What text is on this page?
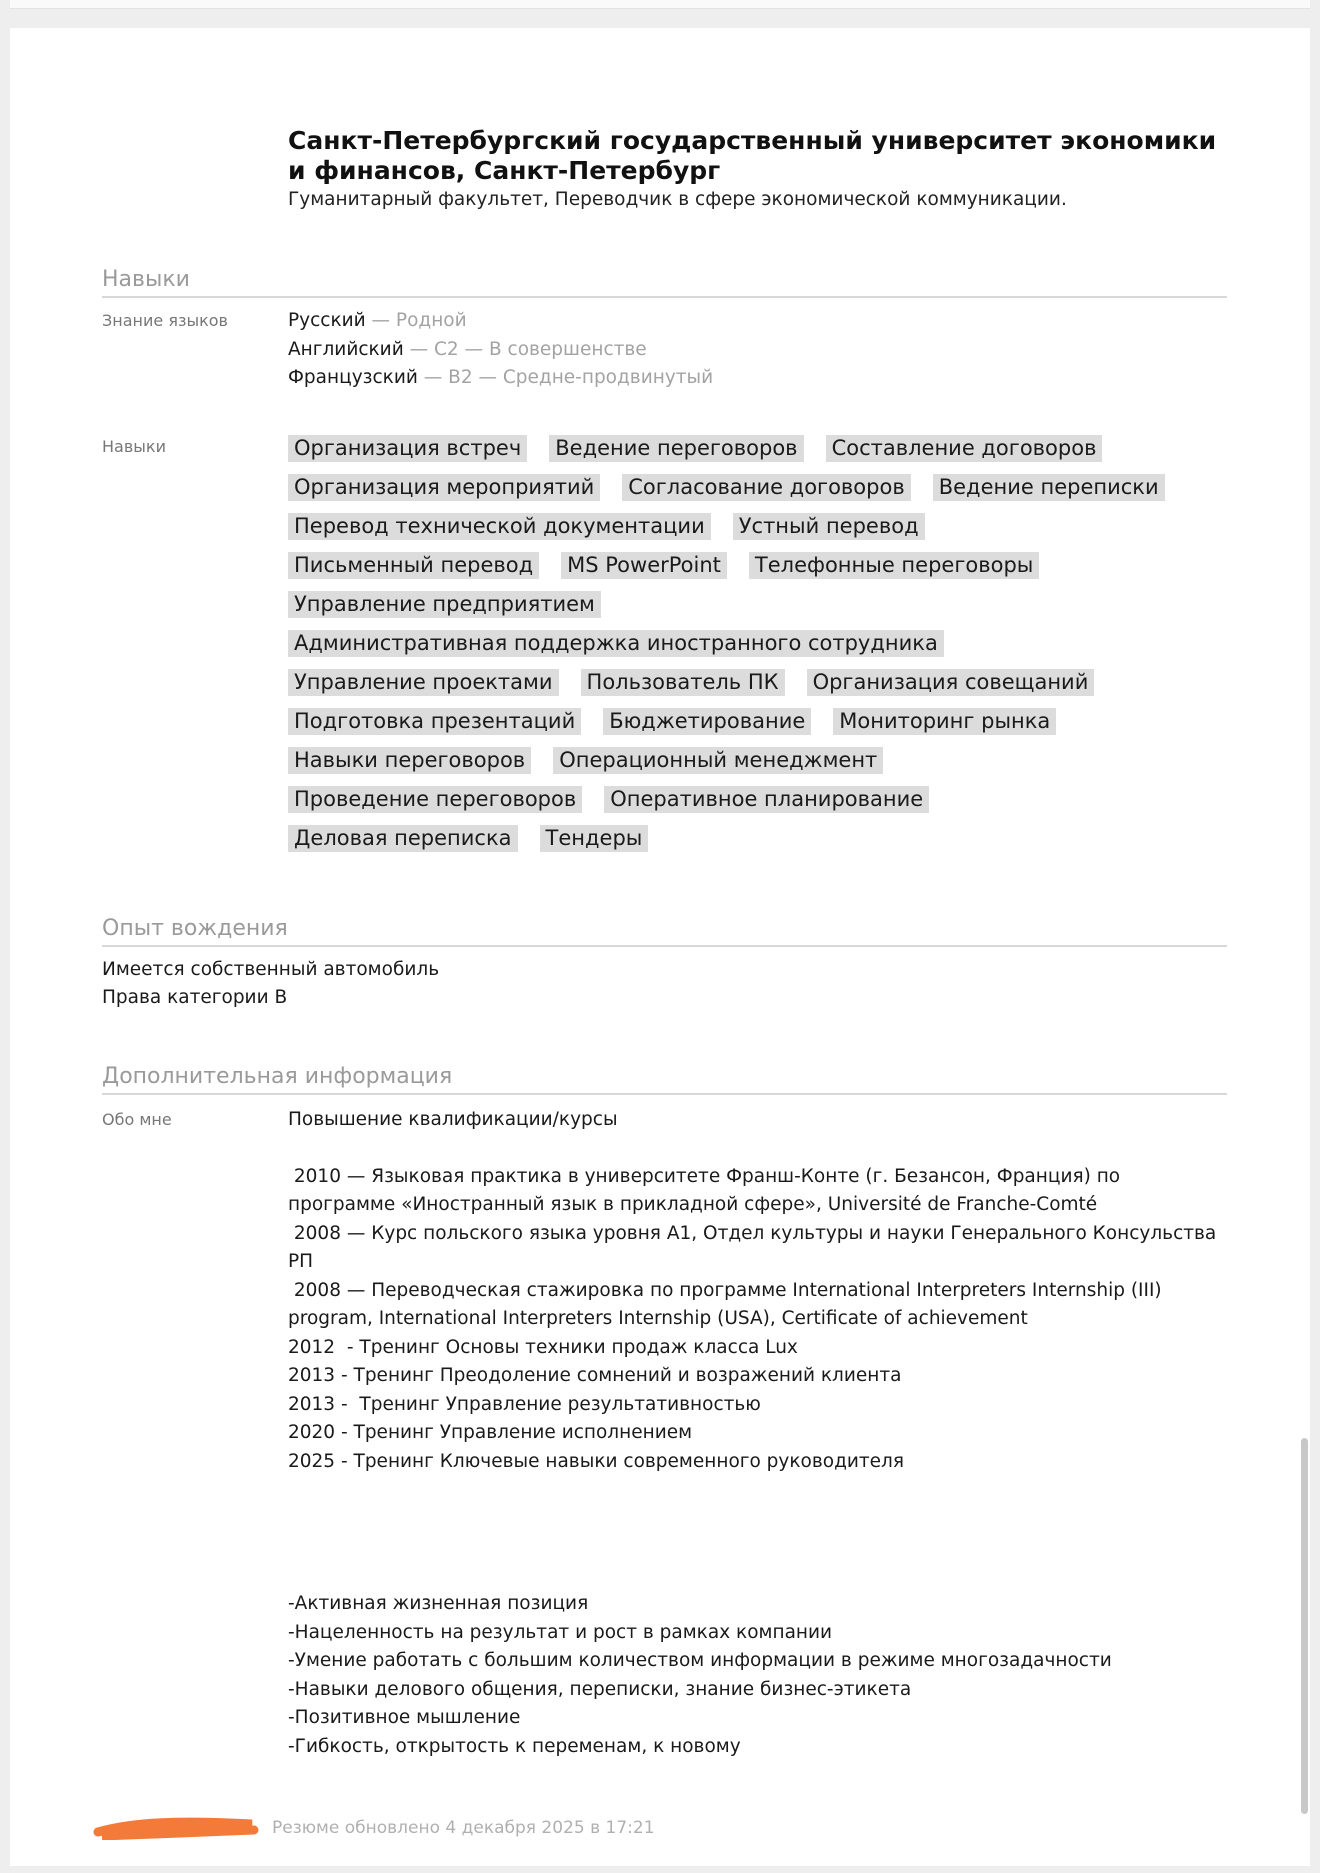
Санкт-Петербургский государственный университет экономики и финансов, Санкт-Петербург
Гуманитарный факультет, Переводчик в сфере экономической коммуникации.
Навыки
Знание языков	Русский — Родной
Английский — C2 — В совершенстве
Французский — B2 — Средне-продвинутый
Навыки	Организация встреч Ведение переговоров Составление договоров
Организация мероприятий Согласование договоров Ведение переписки
Перевод технической документации Устный перевод
Письменный перевод MS PowerPoint Телефонные переговоры
Управление предприятием
Административная поддержка иностранного сотрудника
Управление проектами Пользователь ПК Организация совещаний
Подготовка презентаций Бюджетирование Мониторинг рынка
Навыки переговоров Операционный менеджмент
Проведение переговоров Оперативное планирование
Деловая переписка Тендеры
Опыт вождения
Имеется собственный автомобиль
Права категории B
Дополнительная информация
Обо мне	Повышение квалификации/курсы

2010 — Языковая практика в университете Франш-Конте (г. Безансон, Франция) по программе «Иностранный язык в прикладной сфере», Université de Franche-Comté
2008 — Курс польского языка уровня А1, Отдел культуры и науки Генерального Консульства РП
2008 — Переводческая стажировка по программе International Interpreters Internship (III) program, International Interpreters Internship (USA), Certificate of achievement
2012  - Тренинг Основы техники продаж класса Lux
2013 - Тренинг Преодоление сомнений и возражений клиента
2013 -  Тренинг Управление результативностью
2020 - Тренинг Управление исполнением
2025 - Тренинг Ключевые навыки современного руководителя

-Активная жизненная позиция
-Нацеленность на результат и рост в рамках компании
-Умение работать с большим количеством информации в режиме многозадачности
-Навыки делового общения, переписки, знание бизнес-этикета
-Позитивное мышление
-Гибкость, открытость к переменам, к новому
Резюме обновлено 4 декабря 2025 в 17:21
